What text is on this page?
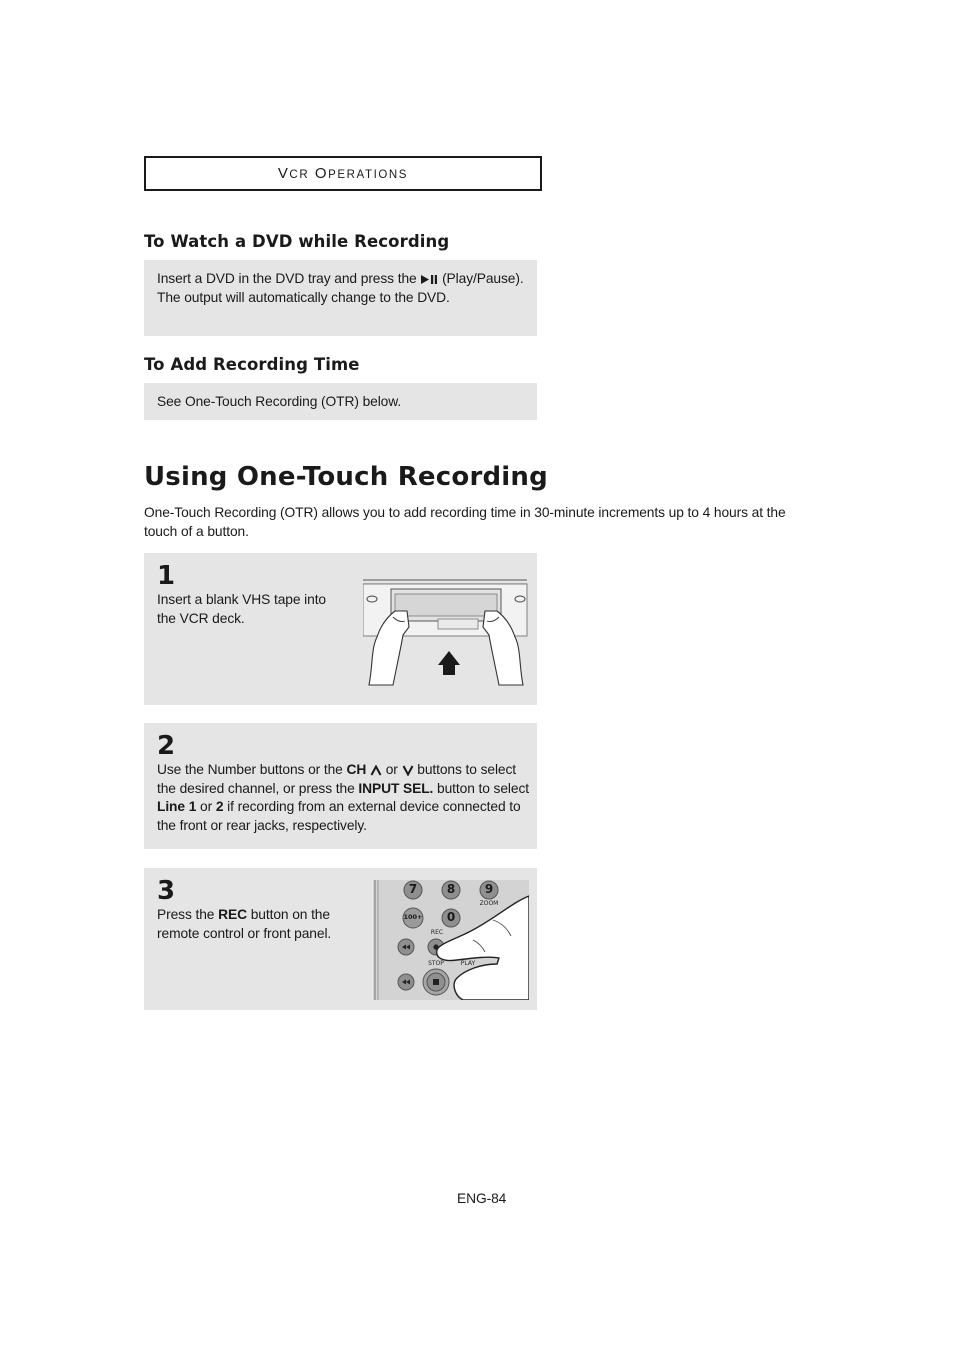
VCR OPERATIONS
To Watch a DVD while Recording
Insert a DVD in the DVD tray and press the (Play/Pause). The output will automatically change to the DVD.
To Add Recording Time
See One-Touch Recording (OTR) below.
Using One-Touch Recording
One-Touch Recording (OTR) allows you to add recording time in 30-minute increments up to 4 hours at the touch of a button.
1
Insert a blank VHS tape into the VCR deck.
2
Use the Number buttons or the CH  or  buttons to select the desired channel, or press the INPUT SEL. button to select Line 1 or 2 if recording from an external device connected to the front or rear jacks, respectively.
3
Press the REC button on the remote control or front panel.
7 8 9
ZOOM
100+ 0
REC
STOP	PLAY
ENG-84
